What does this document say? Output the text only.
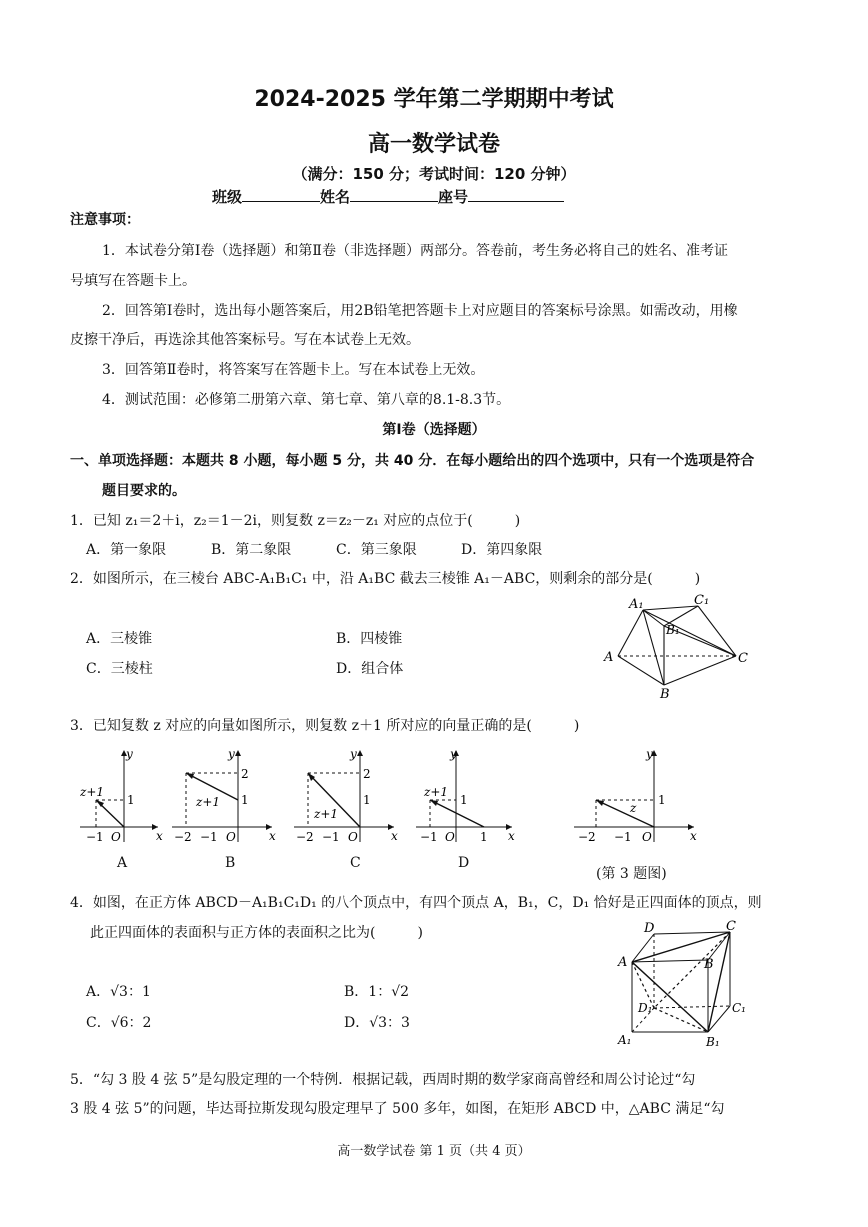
2024-2025 学年第二学期期中考试
高一数学试卷
（满分：150 分；考试时间：120 分钟）
班级	姓名	座号
注意事项：
1．本试卷分第Ⅰ卷（选择题）和第Ⅱ卷（非选择题）两部分。答卷前，考生务必将自己的姓名、准考证
号填写在答题卡上。
2．回答第Ⅰ卷时，选出每小题答案后，用2B铅笔把答题卡上对应题目的答案标号涂黑。如需改动，用橡
皮擦干净后，再选涂其他答案标号。写在本试卷上无效。
3．回答第Ⅱ卷时，将答案写在答题卡上。写在本试卷上无效。
4．测试范围：必修第二册第六章、第七章、第八章的8.1-8.3节。
第Ⅰ卷（选择题）
一、单项选择题：本题共 8 小题，每小题 5 分，共 40 分．在每小题给出的四个选项中，只有一个选项是符合
题目要求的。
1．已知 z₁＝2＋i，z₂＝1－2i，则复数 z＝z₂－z₁ 对应的点位于(　　　)
A．第一象限	B．第二象限	C．第三象限	D．第四象限
2．如图所示，在三棱台 ABC-A₁B₁C₁ 中，沿 A₁BC 截去三棱锥 A₁－ABC，则剩余的部分是(　　　)
A．三棱锥	B．四棱锥
C．三棱柱	D．组合体
A₁	C₁
B₁
A
B
C
3．已知复数 z 对应的向量如图所示，则复数 z＋1 所对应的向量正确的是(　　　)
y
x
O
−1
1
z+1
A
y
x
O
−2 −1
1
2
z+1
B
y
x
O
−2 −1
1
2
z+1
C
y
x
O
−1	1
1
z+1
D
y
x
O
−2 −1
1
z
(第 3 题图)
4．如图，在正方体 ABCD－A₁B₁C₁D₁ 的八个顶点中，有四个顶点 A，B₁，C，D₁ 恰好是正四面体的顶点，则
此正四面体的表面积与正方体的表面积之比为(　　　)
A．√3：1	B．1：√2
C．√6：2	D．√3：3
D	C
A	B
D₁	C₁
A₁	B₁
5．“勾 3 股 4 弦 5”是勾股定理的一个特例．根据记载，西周时期的数学家商高曾经和周公讨论过“勾
3 股 4 弦 5”的问题，毕达哥拉斯发现勾股定理早了 500 多年，如图，在矩形 ABCD 中，△ABC 满足“勾
高一数学试卷 第 1 页（共 4 页）
